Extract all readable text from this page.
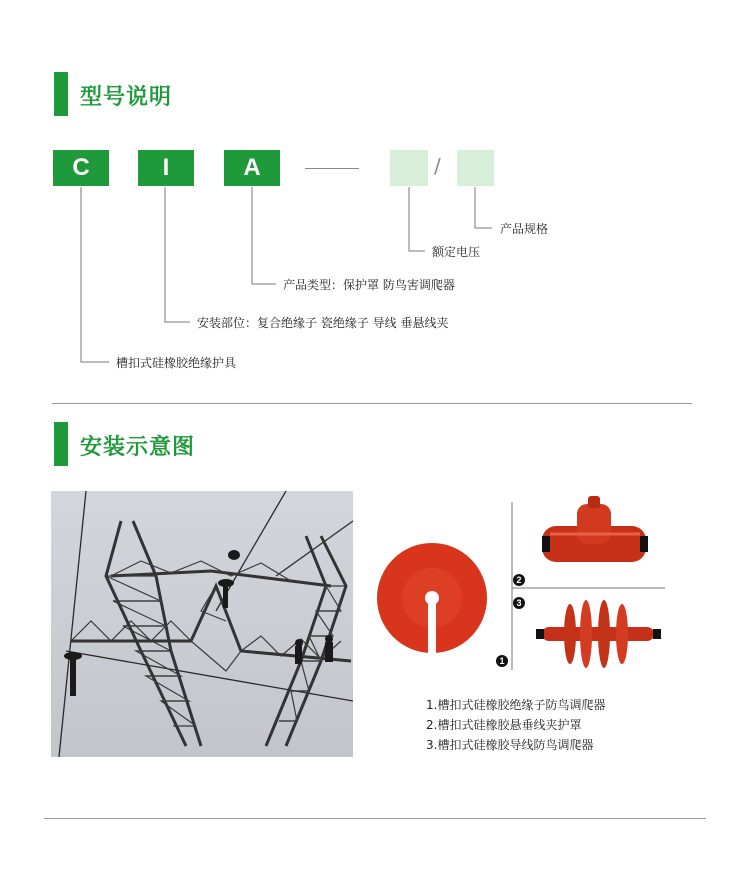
型号说明
C	I	A	/
产品规格
额定电压
产品类型：保护罩 防鸟害调爬器
安装部位：复合绝缘子 瓷绝缘子 导线 垂悬线夹
槽扣式硅橡胶绝缘护具
安装示意图
2
3
1
1.槽扣式硅橡胶绝缘子防鸟调爬器
2.槽扣式硅橡胶悬垂线夹护罩
3.槽扣式硅橡胶导线防鸟调爬器
